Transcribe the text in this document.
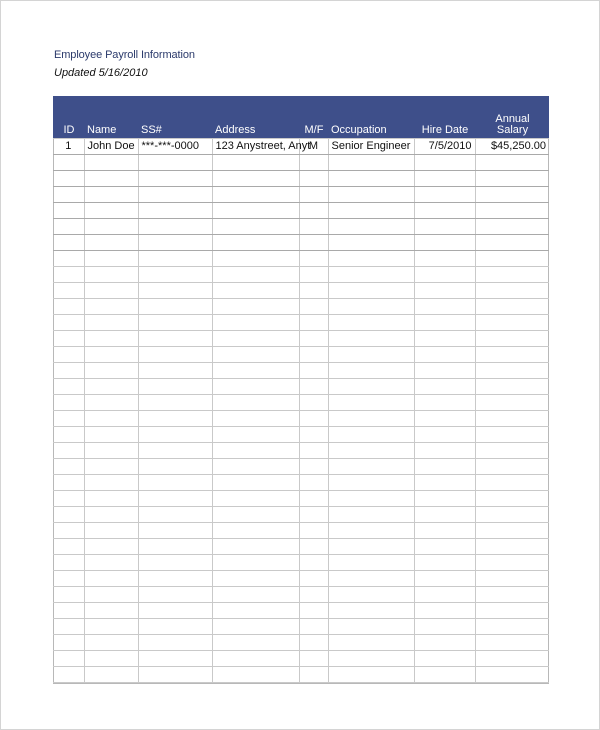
Employee Payroll Information
Updated 5/16/2010
ID	Name	SS#	Address	M/F	Occupation	Hire Date	Annual
Salary
1	John Doe	***-***-0000	123 Anystreet, Anyt	M	Senior Engineer	7/5/2010	$45,250.00
